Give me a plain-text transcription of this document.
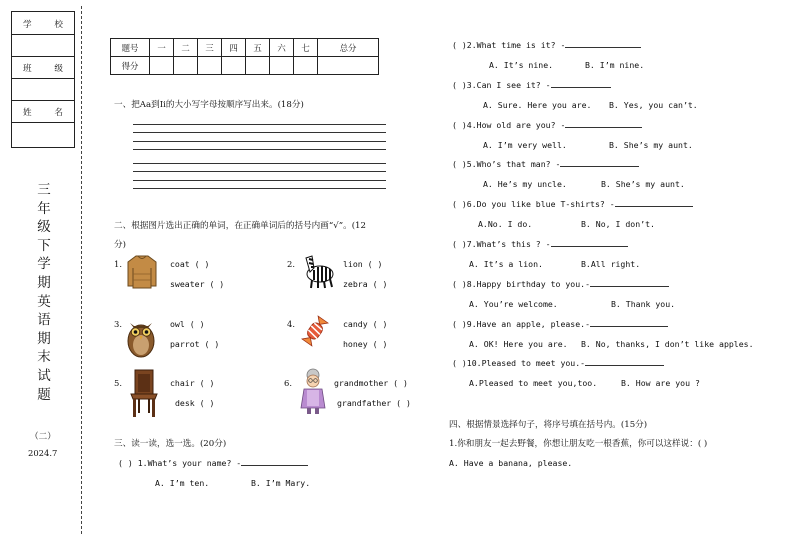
学 校
班 级
姓 名
三
年
级
下
学
期
英
语
期
末
试
题
（二）
2024.7
题号	一	二	三	四	五	六	七	总分
得分								
一、把Aa到Ii的大小写字母按顺序写出来。(18分)
二、根据图片选出正确的单词，在正确单词后的括号内画“√”。(12
分)
1.	coat ( )
sweater ( )
2.	lion ( )
zebra ( )
3.	owl ( )
parrot ( )
4.	candy ( )
honey ( )
5.	chair ( )
desk ( )
6.	grandmother ( )
grandfather ( )
三、读一读，选一选。(20分)
( ) 1.What’s your name? -
A. I’m ten.	B. I’m Mary.
( )2.What time is it? -
A. It’s nine.	B. I’m nine.
( )3.Can I see it? -
A. Sure. Here you are. B. Yes, you can’t.
( )4.How old are you? -
A. I’m very well.	B. She’s my aunt.
( )5.Who’s that man? -
A. He’s my uncle.	B. She’s my aunt.
( )6.Do you like blue T-shirts? -
A.No. I do.	B. No, I don’t.
( )7.What’s this ? -
A. It’s a lion.	B.All right.
( )8.Happy birthday to you.-
A. You’re welcome.	B. Thank you.
( )9.Have an apple, please.-
A. OK! Here you are. B. No, thanks, I don’t like apples.
( )10.Pleased to meet you.-
A.Pleased to meet you,too.	B. How are you ?
四、根据情景选择句子，将序号填在括号内。(15分)
1.你和朋友一起去野餐，你想让朋友吃一根香蕉，你可以这样说：( )
A. Have a banana, please.
